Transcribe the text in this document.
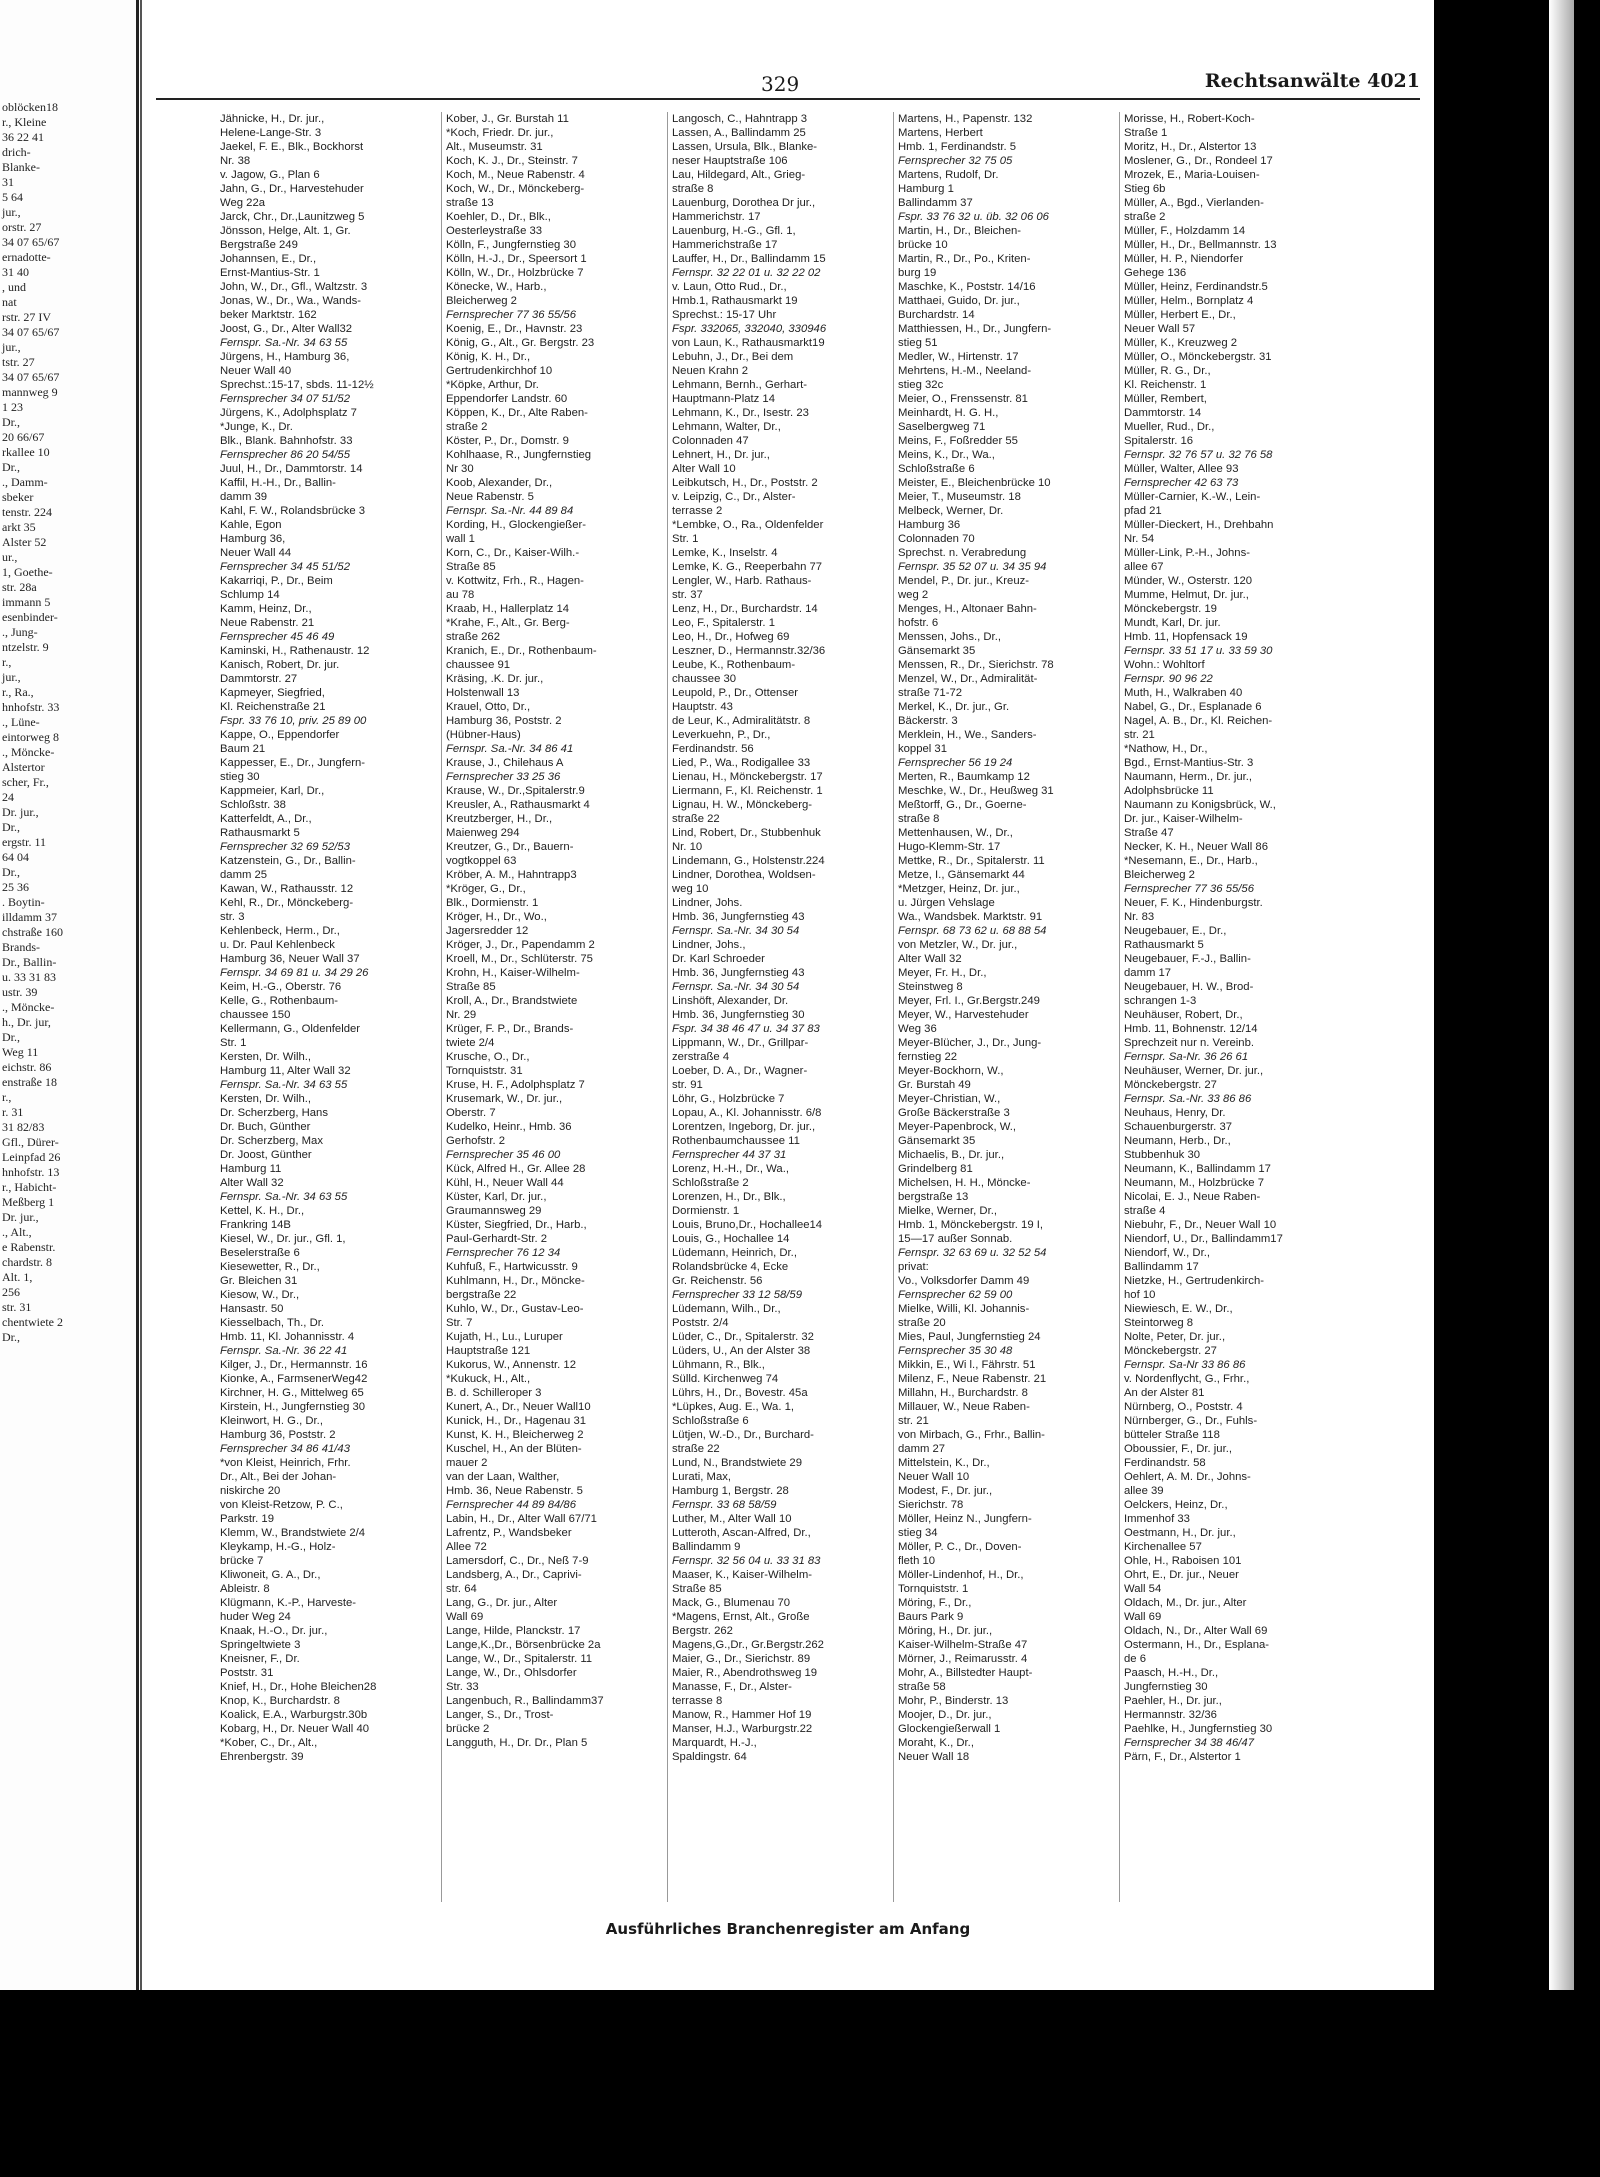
oblöcken18
r., Kleine
36 22 41
drich-
Blanke-
31
5 64
jur.,
orstr. 27
34 07 65/67
ernadotte-
31 40
, und
nat
rstr. 27 IV
34 07 65/67
jur.,
tstr. 27
34 07 65/67
mannweg 9
1 23
Dr.,
20 66/67
rkallee 10
Dr.,
., Damm-
sbeker
tenstr. 224
arkt 35
Alster 52
ur.,
1, Goethe-
str. 28a
immann 5
esenbinder-
., Jung-
ntzelstr. 9
r.,
jur.,
r., Ra.,
hnhofstr. 33
., Lüne-
eintorweg 8
., Möncke-
Alstertor
scher, Fr.,
24
Dr. jur.,
Dr.,
ergstr. 11
64 04
Dr.,
25 36
. Boytin-
illdamm 37
chstraße 160
Brands-
Dr., Ballin-
u. 33 31 83
ustr. 39
., Möncke-
h., Dr. jur,
Dr.,
Weg 11
eichstr. 86
enstraße 18
r.,
r. 31
31 82/83
Gfl., Dürer-
Leinpfad 26
hnhofstr. 13
r., Habicht-
Meßberg 1
Dr. jur.,
., Alt.,
e Rabenstr.
chardstr. 8
Alt. 1,
256
str. 31
chentwiete 2
Dr.,
329	Rechtsanwälte 4021
Jähnicke, H., Dr. jur.,
Helene-Lange-Str. 3
Jaekel, F. E., Blk., Bockhorst
Nr. 38
v. Jagow, G., Plan 6
Jahn, G., Dr., Harvestehuder
Weg 22a
Jarck, Chr., Dr.,Launitzweg 5
Jönsson, Helge, Alt. 1, Gr.
Bergstraße 249
Johannsen, E., Dr.,
Ernst-Mantius-Str. 1
John, W., Dr., Gfl., Waltzstr. 3
Jonas, W., Dr., Wa., Wands-
beker Marktstr. 162
Joost, G., Dr., Alter Wall32
Fernspr. Sa.-Nr. 34 63 55
Jürgens, H., Hamburg 36,
Neuer Wall 40
Sprechst.:15-17, sbds. 11-12½
Fernsprecher 34 07 51/52
Jürgens, K., Adolphsplatz 7
*Junge, K., Dr.
Blk., Blank. Bahnhofstr. 33
Fernsprecher 86 20 54/55
Juul, H., Dr., Dammtorstr. 14
Kaffil, H.-H., Dr., Ballin-
damm 39
Kahl, F. W., Rolandsbrücke 3
Kahle, Egon
Hamburg 36,
Neuer Wall 44
Fernsprecher 34 45 51/52
Kakarriqi, P., Dr., Beim
Schlump 14
Kamm, Heinz, Dr.,
Neue Rabenstr. 21
Fernsprecher 45 46 49
Kaminski, H., Rathenaustr. 12
Kanisch, Robert, Dr. jur.
Dammtorstr. 27
Kapmeyer, Siegfried,
Kl. Reichenstraße 21
Fspr. 33 76 10, priv. 25 89 00
Kappe, O., Eppendorfer
Baum 21
Kappesser, E., Dr., Jungfern-
stieg 30
Kappmeier, Karl, Dr.,
Schloßstr. 38
Katterfeldt, A., Dr.,
Rathausmarkt 5
Fernsprecher 32 69 52/53
Katzenstein, G., Dr., Ballin-
damm 25
Kawan, W., Rathausstr. 12
Kehl, R., Dr., Mönckeberg-
str. 3
Kehlenbeck, Herm., Dr.,
u. Dr. Paul Kehlenbeck
Hamburg 36, Neuer Wall 37
Fernspr. 34 69 81 u. 34 29 26
Keim, H.-G., Oberstr. 76
Kelle, G., Rothenbaum-
chaussee 150
Kellermann, G., Oldenfelder
Str. 1
Kersten, Dr. Wilh.,
Hamburg 11, Alter Wall 32
Fernspr. Sa.-Nr. 34 63 55
Kersten, Dr. Wilh.,
Dr. Scherzberg, Hans
Dr. Buch, Günther
Dr. Scherzberg, Max
Dr. Joost, Günther
Hamburg 11
Alter Wall 32
Fernspr. Sa.-Nr. 34 63 55
Kettel, K. H., Dr.,
Frankring 14B
Kiesel, W., Dr. jur., Gfl. 1,
Beselerstraße 6
Kiesewetter, R., Dr.,
Gr. Bleichen 31
Kiesow, W., Dr.,
Hansastr. 50
Kiesselbach, Th., Dr.
Hmb. 11, Kl. Johannisstr. 4
Fernspr. Sa.-Nr. 36 22 41
Kilger, J., Dr., Hermannstr. 16
Kionke, A., FarmsenerWeg42
Kirchner, H. G., Mittelweg 65
Kirstein, H., Jungfernstieg 30
Kleinwort, H. G., Dr.,
Hamburg 36, Poststr. 2
Fernsprecher 34 86 41/43
*von Kleist, Heinrich, Frhr.
Dr., Alt., Bei der Johan-
niskirche 20
von Kleist-Retzow, P. C.,
Parkstr. 19
Klemm, W., Brandstwiete 2/4
Kleykamp, H.-G., Holz-
brücke 7
Kliwoneit, G. A., Dr.,
Ableistr. 8
Klügmann, K.-P., Harveste-
huder Weg 24
Knaak, H.-O., Dr. jur.,
Springeltwiete 3
Kneisner, F., Dr.
Poststr. 31
Knief, H., Dr., Hohe Bleichen28
Knop, K., Burchardstr. 8
Koalick, E.A., Warburgstr.30b
Kobarg, H., Dr. Neuer Wall 40
*Kober, C., Dr., Alt.,
Ehrenbergstr. 39
Kober, J., Gr. Burstah 11
*Koch, Friedr. Dr. jur.,
Alt., Museumstr. 31
Koch, K. J., Dr., Steinstr. 7
Koch, M., Neue Rabenstr. 4
Koch, W., Dr., Mönckeberg-
straße 13
Koehler, D., Dr., Blk.,
Oesterleystraße 33
Kölln, F., Jungfernstieg 30
Kölln, H.-J., Dr., Speersort 1
Kölln, W., Dr., Holzbrücke 7
Könecke, W., Harb.,
Bleicherweg 2
Fernsprecher 77 36 55/56
Koenig, E., Dr., Havnstr. 23
König, G., Alt., Gr. Bergstr. 23
König, K. H., Dr.,
Gertrudenkirchhof 10
*Köpke, Arthur, Dr.
Eppendorfer Landstr. 60
Köppen, K., Dr., Alte Raben-
straße 2
Köster, P., Dr., Domstr. 9
Kohlhaase, R., Jungfernstieg
Nr 30
Koob, Alexander, Dr.,
Neue Rabenstr. 5
Fernspr. Sa.-Nr. 44 89 84
Kording, H., Glockengießer-
wall 1
Korn, C., Dr., Kaiser-Wilh.-
Straße 85
v. Kottwitz, Frh., R., Hagen-
au 78
Kraab, H., Hallerplatz 14
*Krahe, F., Alt., Gr. Berg-
straße 262
Kranich, E., Dr., Rothenbaum-
chaussee 91
Kräsing, .K. Dr. jur.,
Holstenwall 13
Krauel, Otto, Dr.,
Hamburg 36, Poststr. 2
(Hübner-Haus)
Fernspr. Sa.-Nr. 34 86 41
Krause, J., Chilehaus A
Fernsprecher 33 25 36
Krause, W., Dr.,Spitalerstr.9
Kreusler, A., Rathausmarkt 4
Kreutzberger, H., Dr.,
Maienweg 294
Kreutzer, G., Dr., Bauern-
vogtkoppel 63
Kröber, A. M., Hahntrapp3
*Kröger, G., Dr.,
Blk., Dormienstr. 1
Kröger, H., Dr., Wo.,
Jagersredder 12
Kröger, J., Dr., Papendamm 2
Kroell, M., Dr., Schlüterstr. 75
Krohn, H., Kaiser-Wilhelm-
Straße 85
Kroll, A., Dr., Brandstwiete
Nr. 29
Krüger, F. P., Dr., Brands-
twiete 2/4
Krusche, O., Dr.,
Tornquiststr. 31
Kruse, H. F., Adolphsplatz 7
Krusemark, W., Dr. jur.,
Oberstr. 7
Kudelko, Heinr., Hmb. 36
Gerhofstr. 2
Fernsprecher 35 46 00
Kück, Alfred H., Gr. Allee 28
Kühl, H., Neuer Wall 44
Küster, Karl, Dr. jur.,
Graumannsweg 29
Küster, Siegfried, Dr., Harb.,
Paul-Gerhardt-Str. 2
Fernsprecher 76 12 34
Kuhfuß, F., Hartwicusstr. 9
Kuhlmann, H., Dr., Möncke-
bergstraße 22
Kuhlo, W., Dr., Gustav-Leo-
Str. 7
Kujath, H., Lu., Luruper
Hauptstraße 121
Kukorus, W., Annenstr. 12
*Kukuck, H., Alt.,
B. d. Schilleroper 3
Kunert, A., Dr., Neuer Wall10
Kunick, H., Dr., Hagenau 31
Kunst, K. H., Bleicherweg 2
Kuschel, H., An der Blüten-
mauer 2
van der Laan, Walther,
Hmb. 36, Neue Rabenstr. 5
Fernsprecher 44 89 84/86
Labin, H., Dr., Alter Wall 67/71
Lafrentz, P., Wandsbeker
Allee 72
Lamersdorf, C., Dr., Neß 7-9
Landsberg, A., Dr., Caprivi-
str. 64
Lang, G., Dr. jur., Alter
Wall 69
Lange, Hilde, Planckstr. 17
Lange,K.,Dr., Börsenbrücke 2a
Lange, W., Dr., Spitalerstr. 11
Lange, W., Dr., Ohlsdorfer
Str. 33
Langenbuch, R., Ballindamm37
Langer, S., Dr., Trost-
brücke 2
Langguth, H., Dr. Dr., Plan 5
Langosch, C., Hahntrapp 3
Lassen, A., Ballindamm 25
Lassen, Ursula, Blk., Blanke-
neser Hauptstraße 106
Lau, Hildegard, Alt., Grieg-
straße 8
Lauenburg, Dorothea Dr jur.,
Hammerichstr. 17
Lauenburg, H.-G., Gfl. 1,
Hammerichstraße 17
Lauffer, H., Dr., Ballindamm 15
Fernspr. 32 22 01 u. 32 22 02
v. Laun, Otto Rud., Dr.,
Hmb.1, Rathausmarkt 19
Sprechst.: 15-17 Uhr
Fspr. 332065, 332040, 330946
von Laun, K., Rathausmarkt19
Lebuhn, J., Dr., Bei dem
Neuen Krahn 2
Lehmann, Bernh., Gerhart-
Hauptmann-Platz 14
Lehmann, K., Dr., Isestr. 23
Lehmann, Walter, Dr.,
Colonnaden 47
Lehnert, H., Dr. jur.,
Alter Wall 10
Leibkutsch, H., Dr., Poststr. 2
v. Leipzig, C., Dr., Alster-
terrasse 2
*Lembke, O., Ra., Oldenfelder
Str. 1
Lemke, K., Inselstr. 4
Lemke, K. G., Reeperbahn 77
Lengler, W., Harb. Rathaus-
str. 37
Lenz, H., Dr., Burchardstr. 14
Leo, F., Spitalerstr. 1
Leo, H., Dr., Hofweg 69
Leszner, D., Hermannstr.32/36
Leube, K., Rothenbaum-
chaussee 30
Leupold, P., Dr., Ottenser
Hauptstr. 43
de Leur, K., Admiralitätstr. 8
Leverkuehn, P., Dr.,
Ferdinandstr. 56
Lied, P., Wa., Rodigallee 33
Lienau, H., Mönckebergstr. 17
Liermann, F., Kl. Reichenstr. 1
Lignau, H. W., Mönckeberg-
straße 22
Lind, Robert, Dr., Stubbenhuk
Nr. 10
Lindemann, G., Holstenstr.224
Lindner, Dorothea, Woldsen-
weg 10
Lindner, Johs.
Hmb. 36, Jungfernstieg 43
Fernspr. Sa.-Nr. 34 30 54
Lindner, Johs.,
Dr. Karl Schroeder
Hmb. 36, Jungfernstieg 43
Fernspr. Sa.-Nr. 34 30 54
Linshöft, Alexander, Dr.
Hmb. 36, Jungfernstieg 30
Fspr. 34 38 46 47 u. 34 37 83
Lippmann, W., Dr., Grillpar-
zerstraße 4
Loeber, D. A., Dr., Wagner-
str. 91
Löhr, G., Holzbrücke 7
Lopau, A., Kl. Johannisstr. 6/8
Lorentzen, Ingeborg, Dr. jur.,
Rothenbaumchaussee 11
Fernsprecher 44 37 31
Lorenz, H.-H., Dr., Wa.,
Schloßstraße 2
Lorenzen, H., Dr., Blk.,
Dormienstr. 1
Louis, Bruno,Dr., Hochallee14
Louis, G., Hochallee 14
Lüdemann, Heinrich, Dr.,
Rolandsbrücke 4, Ecke
Gr. Reichenstr. 56
Fernsprecher 33 12 58/59
Lüdemann, Wilh., Dr.,
Poststr. 2/4
Lüder, C., Dr., Spitalerstr. 32
Lüders, U., An der Alster 38
Lühmann, R., Blk.,
Sülld. Kirchenweg 74
Lührs, H., Dr., Bovestr. 45a
*Lüpkes, Aug. E., Wa. 1,
Schloßstraße 6
Lütjen, W.-D., Dr., Burchard-
straße 22
Lund, N., Brandstwiete 29
Lurati, Max,
Hamburg 1, Bergstr. 28
Fernspr. 33 68 58/59
Luther, M., Alter Wall 10
Lutteroth, Ascan-Alfred, Dr.,
Ballindamm 9
Fernspr. 32 56 04 u. 33 31 83
Maaser, K., Kaiser-Wilhelm-
Straße 85
Mack, G., Blumenau 70
*Magens, Ernst, Alt., Große
Bergstr. 262
Magens,G.,Dr., Gr.Bergstr.262
Maier, G., Dr., Sierichstr. 89
Maier, R., Abendrothsweg 19
Manasse, F., Dr., Alster-
terrasse 8
Manow, R., Hammer Hof 19
Manser, H.J., Warburgstr.22
Marquardt, H.-J.,
Spaldingstr. 64
Martens, H., Papenstr. 132
Martens, Herbert
Hmb. 1, Ferdinandstr. 5
Fernsprecher 32 75 05
Martens, Rudolf, Dr.
Hamburg 1
Ballindamm 37
Fspr. 33 76 32 u. üb. 32 06 06
Martin, H., Dr., Bleichen-
brücke 10
Martin, R., Dr., Po., Kriten-
burg 19
Maschke, K., Poststr. 14/16
Matthaei, Guido, Dr. jur.,
Burchardstr. 14
Matthiessen, H., Dr., Jungfern-
stieg 51
Medler, W., Hirtenstr. 17
Mehrtens, H.-M., Neeland-
stieg 32c
Meier, O., Frenssenstr. 81
Meinhardt, H. G. H.,
Saselbergweg 71
Meins, F., Foßredder 55
Meins, K., Dr., Wa.,
Schloßstraße 6
Meister, E., Bleichenbrücke 10
Meier, T., Museumstr. 18
Melbeck, Werner, Dr.
Hamburg 36
Colonnaden 70
Sprechst. n. Verabredung
Fernspr. 35 52 07 u. 34 35 94
Mendel, P., Dr. jur., Kreuz-
weg 2
Menges, H., Altonaer Bahn-
hofstr. 6
Menssen, Johs., Dr.,
Gänsemarkt 35
Menssen, R., Dr., Sierichstr. 78
Menzel, W., Dr., Admiralität-
straße 71-72
Merkel, K., Dr. jur., Gr.
Bäckerstr. 3
Merklein, H., We., Sanders-
koppel 31
Fernsprecher 56 19 24
Merten, R., Baumkamp 12
Meschke, W., Dr., Heußweg 31
Meßtorff, G., Dr., Goerne-
straße 8
Mettenhausen, W., Dr.,
Hugo-Klemm-Str. 17
Mettke, R., Dr., Spitalerstr. 11
Metze, I., Gänsemarkt 44
*Metzger, Heinz, Dr. jur.,
u. Jürgen Vehslage
Wa., Wandsbek. Marktstr. 91
Fernspr. 68 73 62 u. 68 88 54
von Metzler, W., Dr. jur.,
Alter Wall 32
Meyer, Fr. H., Dr.,
Steinstweg 8
Meyer, Frl. I., Gr.Bergstr.249
Meyer, W., Harvestehuder
Weg 36
Meyer-Blücher, J., Dr., Jung-
fernstieg 22
Meyer-Bockhorn, W.,
Gr. Burstah 49
Meyer-Christian, W.,
Große Bäckerstraße 3
Meyer-Papenbrock, W.,
Gänsemarkt 35
Michaelis, B., Dr. jur.,
Grindelberg 81
Michelsen, H. H., Möncke-
bergstraße 13
Mielke, Werner, Dr.,
Hmb. 1, Mönckebergstr. 19 I,
15—17 außer Sonnab.
Fernspr. 32 63 69 u. 32 52 54
privat:
Vo., Volksdorfer Damm 49
Fernsprecher 62 59 00
Mielke, Willi, Kl. Johannis-
straße 20
Mies, Paul, Jungfernstieg 24
Fernsprecher 35 30 48
Mikkin, E., Wi l., Fährstr. 51
Milenz, F., Neue Rabenstr. 21
Millahn, H., Burchardstr. 8
Millauer, W., Neue Raben-
str. 21
von Mirbach, G., Frhr., Ballin-
damm 27
Mittelstein, K., Dr.,
Neuer Wall 10
Modest, F., Dr. jur.,
Sierichstr. 78
Möller, Heinz N., Jungfern-
stieg 34
Möller, P. C., Dr., Doven-
fleth 10
Möller-Lindenhof, H., Dr.,
Tornquiststr. 1
Möring, F., Dr.,
Baurs Park 9
Möring, H., Dr. jur.,
Kaiser-Wilhelm-Straße 47
Mörner, J., Reimarusstr. 4
Mohr, A., Billstedter Haupt-
straße 58
Mohr, P., Binderstr. 13
Moojer, D., Dr. jur.,
Glockengießerwall 1
Moraht, K., Dr.,
Neuer Wall 18
Morisse, H., Robert-Koch-
Straße 1
Moritz, H., Dr., Alstertor 13
Moslener, G., Dr., Rondeel 17
Mrozek, E., Maria-Louisen-
Stieg 6b
Müller, A., Bgd., Vierlanden-
straße 2
Müller, F., Holzdamm 14
Müller, H., Dr., Bellmannstr. 13
Müller, H. P., Niendorfer
Gehege 136
Müller, Heinz, Ferdinandstr.5
Müller, Helm., Bornplatz 4
Müller, Herbert E., Dr.,
Neuer Wall 57
Müller, K., Kreuzweg 2
Müller, O., Mönckebergstr. 31
Müller, R. G., Dr.,
Kl. Reichenstr. 1
Müller, Rembert,
Dammtorstr. 14
Mueller, Rud., Dr.,
Spitalerstr. 16
Fernspr. 32 76 57 u. 32 76 58
Müller, Walter, Allee 93
Fernsprecher 42 63 73
Müller-Carnier, K.-W., Lein-
pfad 21
Müller-Dieckert, H., Drehbahn
Nr. 54
Müller-Link, P.-H., Johns-
allee 67
Münder, W., Osterstr. 120
Mumme, Helmut, Dr. jur.,
Mönckebergstr. 19
Mundt, Karl, Dr. jur.
Hmb. 11, Hopfensack 19
Fernspr. 33 51 17 u. 33 59 30
Wohn.: Wohltorf
Fernspr. 90 96 22
Muth, H., Walkraben 40
Nabel, G., Dr., Esplanade 6
Nagel, A. B., Dr., Kl. Reichen-
str. 21
*Nathow, H., Dr.,
Bgd., Ernst-Mantius-Str. 3
Naumann, Herm., Dr. jur.,
Adolphsbrücke 11
Naumann zu Konigsbrück, W.,
Dr. jur., Kaiser-Wilhelm-
Straße 47
Necker, K. H., Neuer Wall 86
*Nesemann, E., Dr., Harb.,
Bleicherweg 2
Fernsprecher 77 36 55/56
Neuer, F. K., Hindenburgstr.
Nr. 83
Neugebauer, E., Dr.,
Rathausmarkt 5
Neugebauer, F.-J., Ballin-
damm 17
Neugebauer, H. W., Brod-
schrangen 1-3
Neuhäuser, Robert, Dr.,
Hmb. 11, Bohnenstr. 12/14
Sprechzeit nur n. Vereinb.
Fernspr. Sa-Nr. 36 26 61
Neuhäuser, Werner, Dr. jur.,
Mönckebergstr. 27
Fernspr. Sa.-Nr. 33 86 86
Neuhaus, Henry, Dr.
Schauenburgerstr. 37
Neumann, Herb., Dr.,
Stubbenhuk 30
Neumann, K., Ballindamm 17
Neumann, M., Holzbrücke 7
Nicolai, E. J., Neue Raben-
straße 4
Niebuhr, F., Dr., Neuer Wall 10
Niendorf, U., Dr., Ballindamm17
Niendorf, W., Dr.,
Ballindamm 17
Nietzke, H., Gertrudenkirch-
hof 10
Niewiesch, E. W., Dr.,
Steintorweg 8
Nolte, Peter, Dr. jur.,
Mönckebergstr. 27
Fernspr. Sa-Nr 33 86 86
v. Nordenflycht, G., Frhr.,
An der Alster 81
Nürnberg, O., Poststr. 4
Nürnberger, G., Dr., Fuhls-
bütteler Straße 118
Oboussier, F., Dr. jur.,
Ferdinandstr. 58
Oehlert, A. M. Dr., Johns-
allee 39
Oelckers, Heinz, Dr.,
Immenhof 33
Oestmann, H., Dr. jur.,
Kirchenallee 57
Ohle, H., Raboisen 101
Ohrt, E., Dr. jur., Neuer
Wall 54
Oldach, M., Dr. jur., Alter
Wall 69
Oldach, N., Dr., Alter Wall 69
Ostermann, H., Dr., Esplana-
de 6
Paasch, H.-H., Dr.,
Jungfernstieg 30
Paehler, H., Dr. jur.,
Hermannstr. 32/36
Paehlke, H., Jungfernstieg 30
Fernsprecher 34 38 46/47
Pärn, F., Dr., Alstertor 1
Ausführliches Branchenregister am Anfang
